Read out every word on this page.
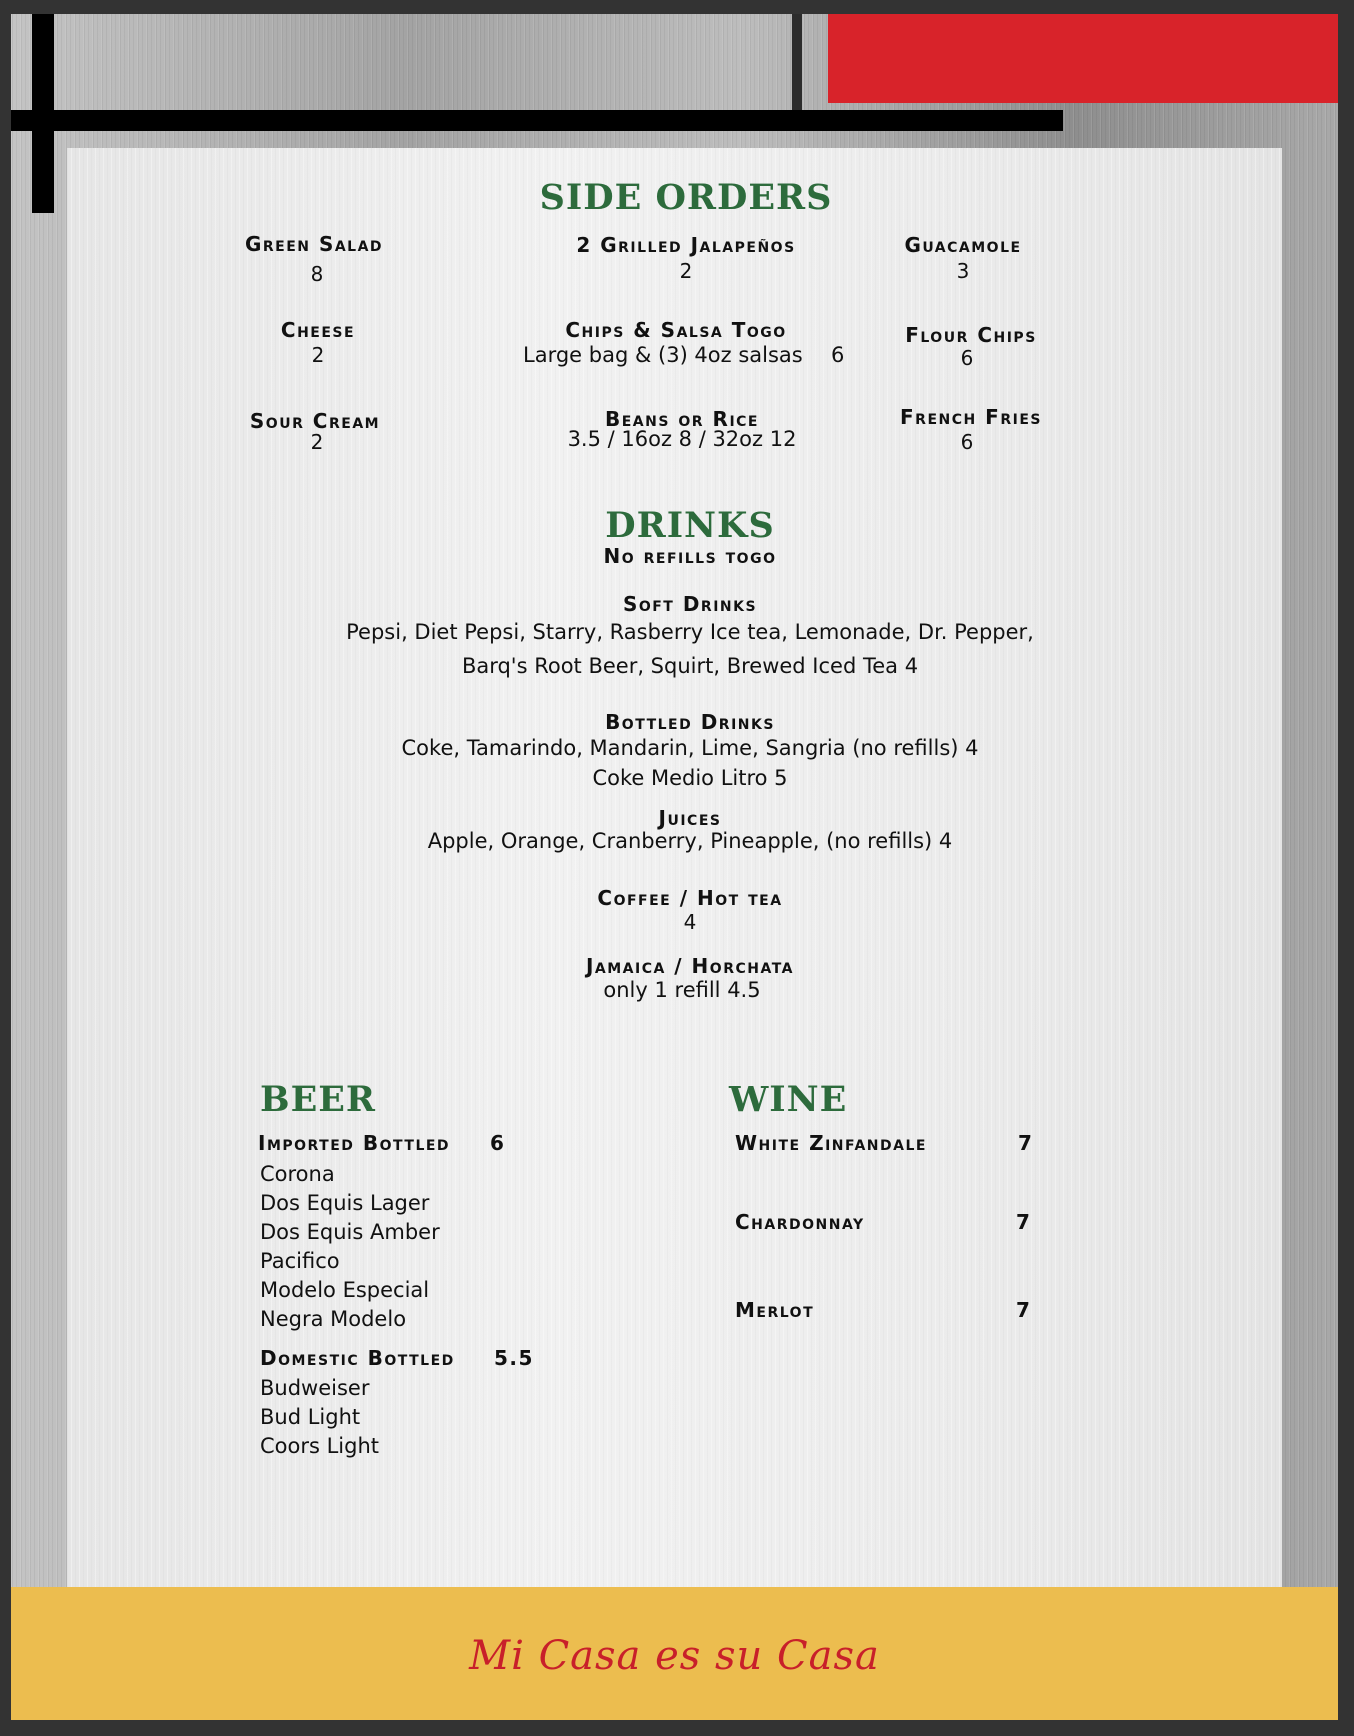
SIDE ORDERS
Green Salad
8
2 Grilled Jalapeños
2
Guacamole
3
Cheese
2
Chips & Salsa Togo
Large bag & (3) 4oz salsas 6
Flour Chips
6
Sour Cream
2
Beans or Rice
3.5 / 16oz 8 / 32oz 12
French Fries
6
DRINKS
No refills togo
Soft Drinks
Pepsi, Diet Pepsi, Starry, Rasberry Ice tea, Lemonade, Dr. Pepper,
Barq's Root Beer, Squirt, Brewed Iced Tea 4
Bottled Drinks
Coke, Tamarindo, Mandarin, Lime, Sangria (no refills) 4
Coke Medio Litro 5
Juices
Apple, Orange, Cranberry, Pineapple, (no refills) 4
Coffee / Hot tea
4
Jamaica / Horchata
only 1 refill 4.5
BEER
Imported Bottled 6
Corona
Dos Equis Lager
Dos Equis Amber
Pacifico
Modelo Especial
Negra Modelo
Domestic Bottled 5.5
Budweiser
Bud Light
Coors Light
WINE
White Zinfandale	7
Chardonnay	7
Merlot	7
Mi Casa es su Casa
